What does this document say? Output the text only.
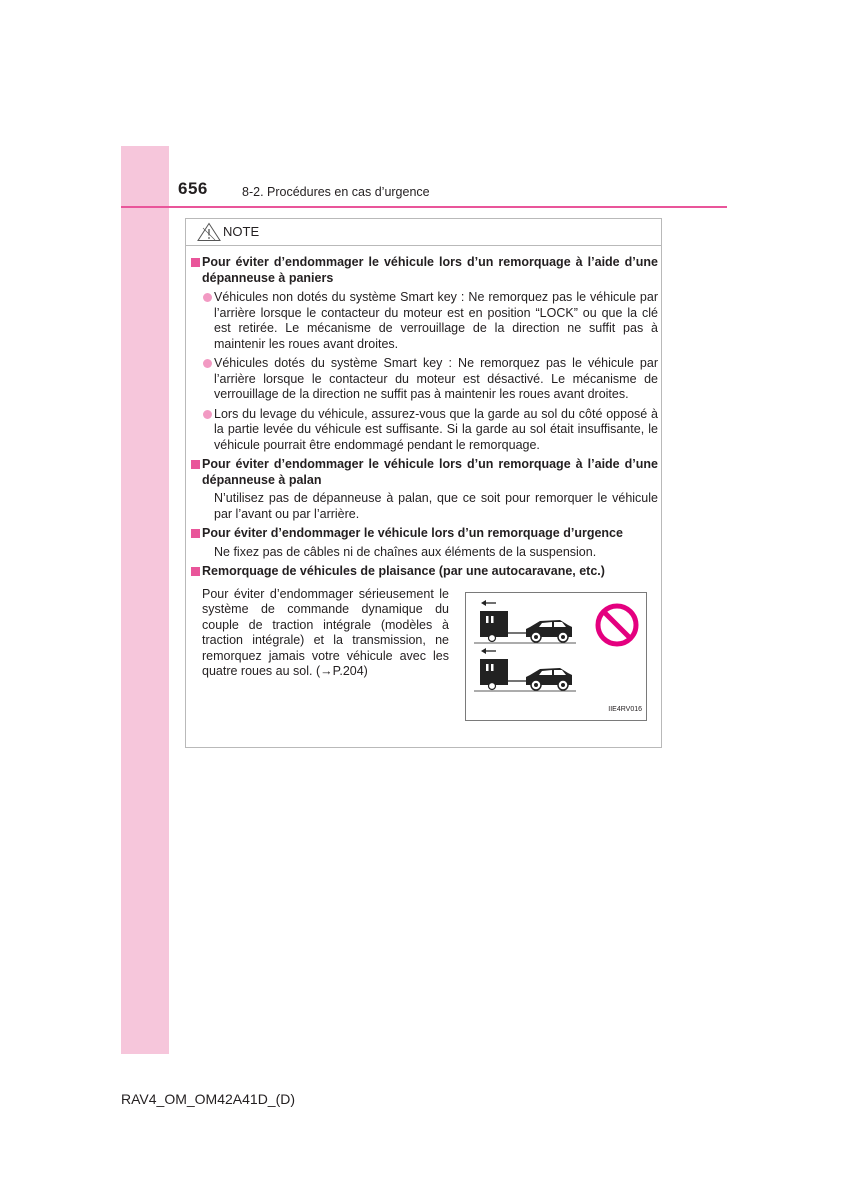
656	8-2. Procédures en cas d’urgence
NOTE
Pour éviter d’endommager le véhicule lors d’un remorquage à l’aide d’une dépanneuse à paniers
Véhicules non dotés du système Smart key : Ne remorquez pas le véhicule par l’arrière lorsque le contacteur du moteur est en position “LOCK” ou que la clé est retirée. Le mécanisme de verrouillage de la direction ne suffit pas à maintenir les roues avant droites.
Véhicules dotés du système Smart key : Ne remorquez pas le véhicule par l’arrière lorsque le contacteur du moteur est désactivé. Le mécanisme de verrouillage de la direction ne suffit pas à maintenir les roues avant droites.
Lors du levage du véhicule, assurez-vous que la garde au sol du côté opposé à la partie levée du véhicule est suffisante. Si la garde au sol était insuffisante, le véhicule pourrait être endommagé pendant le remorquage.
Pour éviter d’endommager le véhicule lors d’un remorquage à l’aide d’une dépanneuse à palan
N’utilisez pas de dépanneuse à palan, que ce soit pour remorquer le véhicule par l’avant ou par l’arrière.
Pour éviter d’endommager le véhicule lors d’un remorquage d’urgence
Ne fixez pas de câbles ni de chaînes aux éléments de la suspension.
Remorquage de véhicules de plaisance (par une autocaravane, etc.)
Pour éviter d’endommager sérieusement le système de commande dynamique du couple de traction intégrale (modèles à traction intégrale) et la transmission, ne remorquez jamais votre véhicule avec les quatre roues au sol. (→P.204)
IIE4RV016
RAV4_OM_OM42A41D_(D)
